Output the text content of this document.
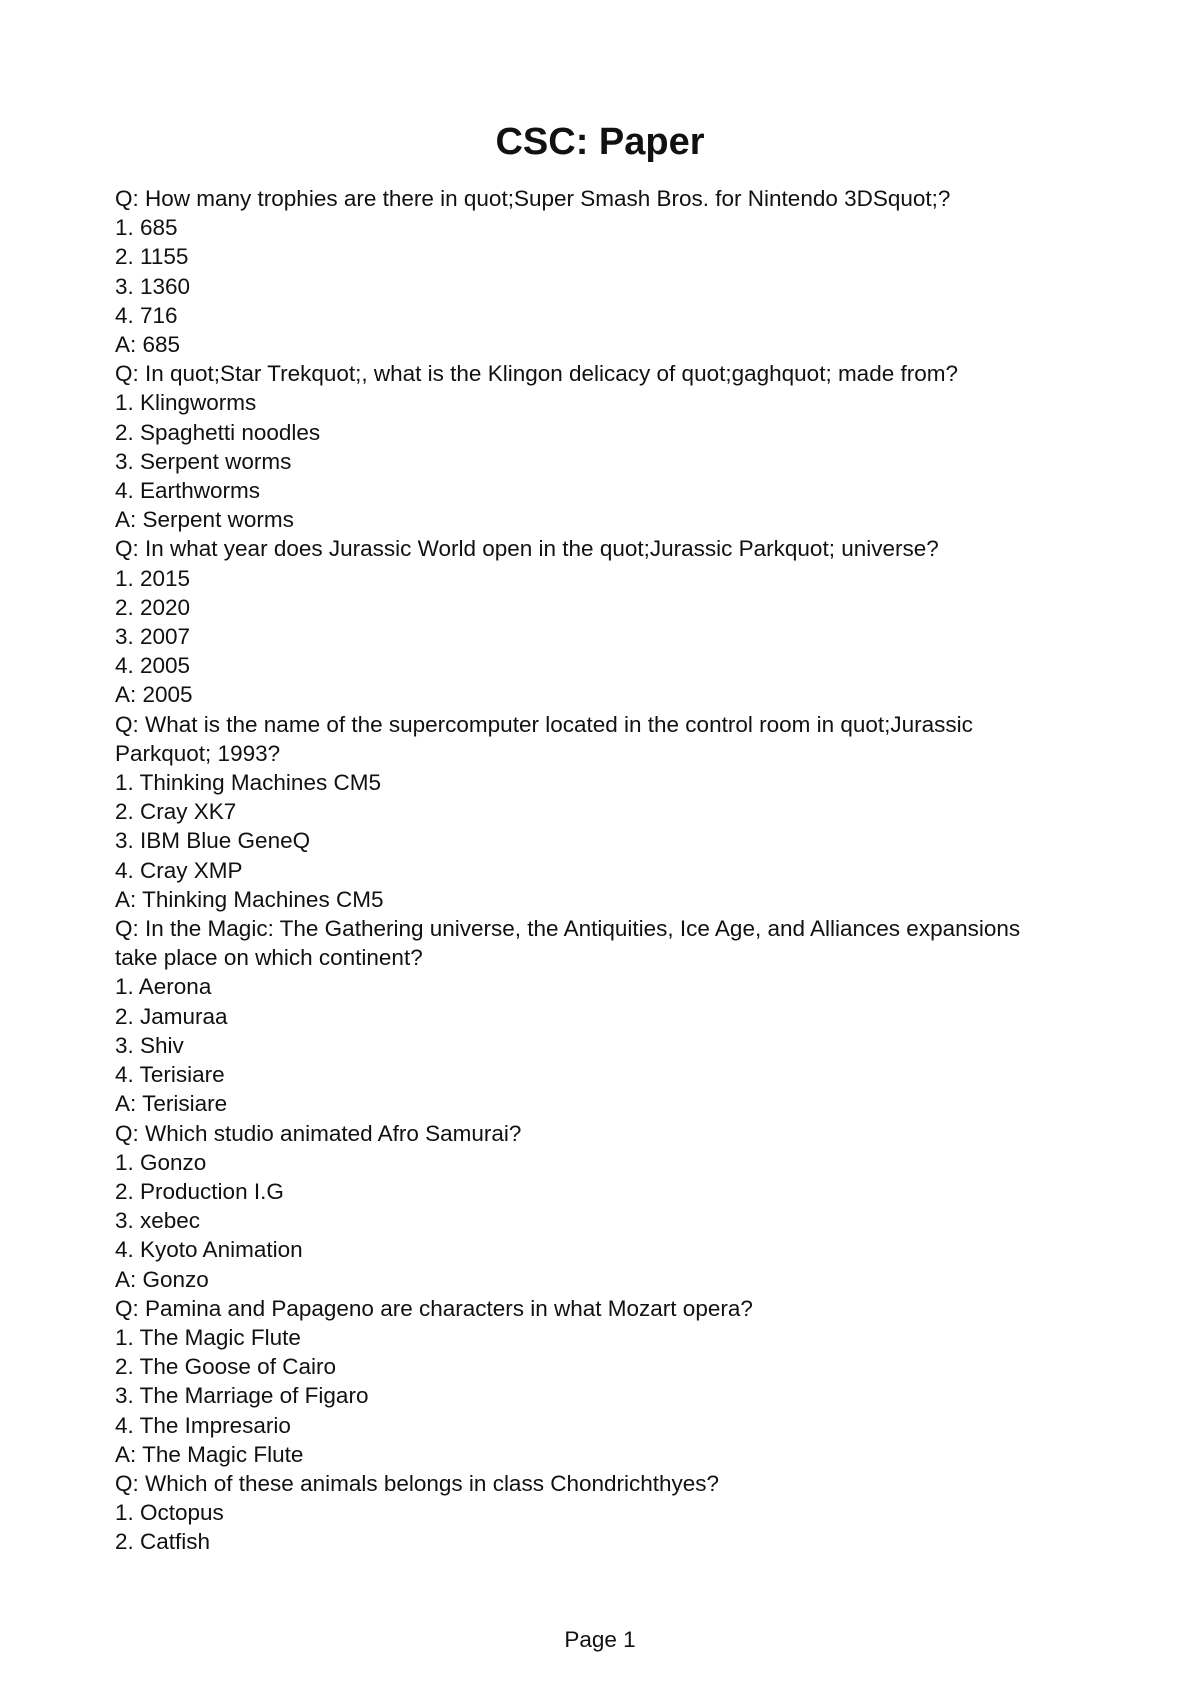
CSC: Paper
Q: How many trophies are there in quot;Super Smash Bros. for Nintendo 3DSquot;?
1. 685
2. 1155
3. 1360
4. 716
A: 685
Q: In quot;Star Trekquot;, what is the Klingon delicacy of quot;gaghquot; made from?
1. Klingworms
2. Spaghetti noodles
3. Serpent worms
4. Earthworms
A: Serpent worms
Q: In what year does Jurassic World open in the quot;Jurassic Parkquot; universe?
1. 2015
2. 2020
3. 2007
4. 2005
A: 2005
Q: What is the name of the supercomputer located in the control room in quot;Jurassic Parkquot; 1993?
1. Thinking Machines CM5
2. Cray XK7
3. IBM Blue GeneQ
4. Cray XMP
A: Thinking Machines CM5
Q: In the Magic: The Gathering universe, the Antiquities, Ice Age, and Alliances expansions take place on which continent?
1. Aerona
2. Jamuraa
3. Shiv
4. Terisiare
A: Terisiare
Q: Which studio animated Afro Samurai?
1. Gonzo
2. Production I.G
3. xebec
4. Kyoto Animation
A: Gonzo
Q: Pamina and Papageno are characters in what Mozart opera?
1. The Magic Flute
2. The Goose of Cairo
3. The Marriage of Figaro
4. The Impresario
A: The Magic Flute
Q: Which of these animals belongs in class Chondrichthyes?
1. Octopus
2. Catfish
Page 1
